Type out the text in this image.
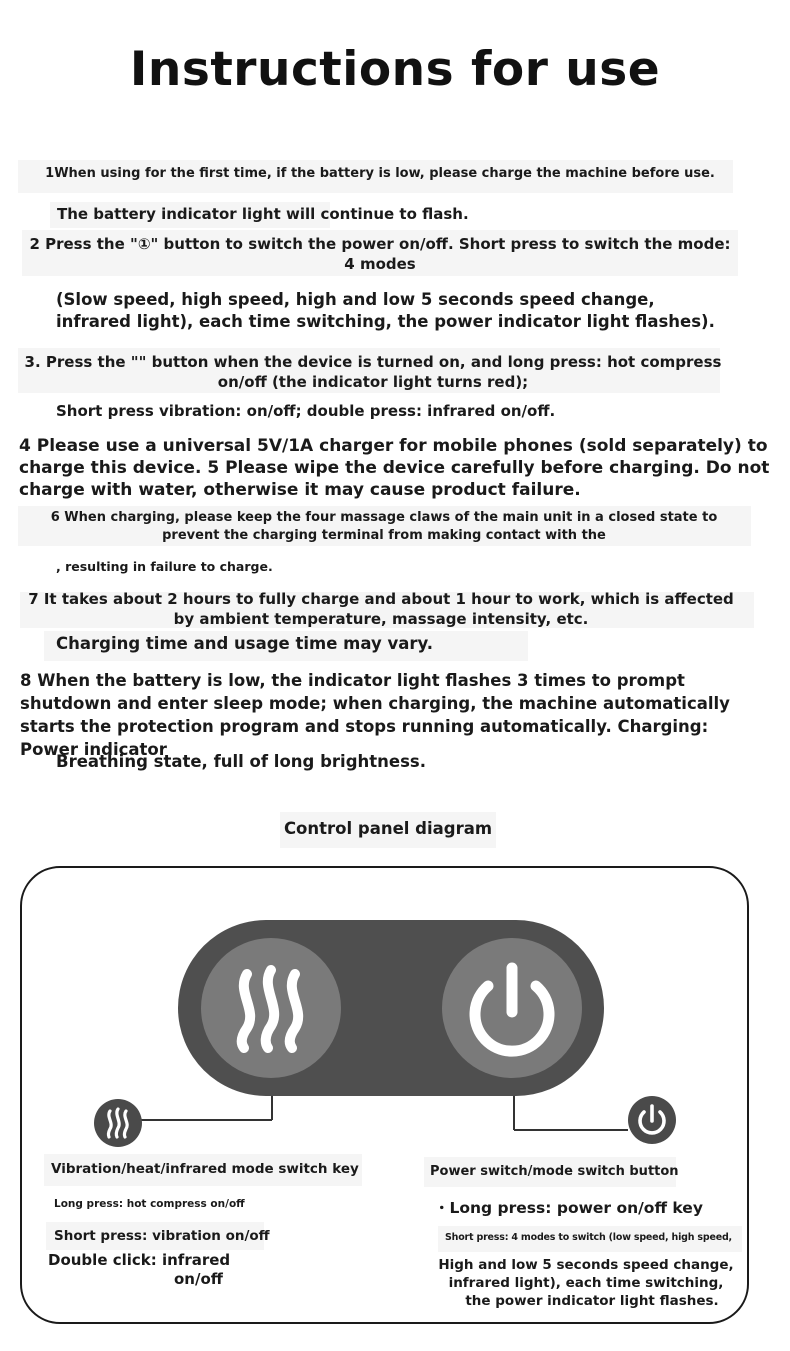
Instructions for use
1When using for the first time, if the battery is low, please charge the machine before use.
The battery indicator light will continue to flash.
2 Press the "①" button to switch the power on/off. Short press to switch the mode: 4 modes
(Slow speed, high speed, high and low 5 seconds speed change, infrared light), each time switching, the power indicator light flashes).
3. Press the "" button when the device is turned on, and long press: hot compress on/off (the indicator light turns red);
Short press vibration: on/off; double press: infrared on/off.
4 Please use a universal 5V/1A charger for mobile phones (sold separately) to charge this device. 5 Please wipe the device carefully before charging. Do not charge with water, otherwise it may cause product failure.
6 When charging, please keep the four massage claws of the main unit in a closed state to prevent the charging terminal from making contact with the
, resulting in failure to charge.
7 It takes about 2 hours to fully charge and about 1 hour to work, which is affected by ambient temperature, massage intensity, etc.
Charging time and usage time may vary.
8 When the battery is low, the indicator light flashes 3 times to prompt shutdown and enter sleep mode; when charging, the machine automatically starts the protection program and stops running automatically. Charging: Power indicator
Breathing state, full of long brightness.
Control panel diagram
Vibration/heat/infrared mode switch key
Long press: hot compress on/off
Short press: vibration on/off
Double click: infrared
on/off
Power switch/mode switch button
・Long press: power on/off key
Short press: 4 modes to switch (low speed, high speed,
High and low 5 seconds speed change,
infrared light), each time switching,
the power indicator light flashes.
